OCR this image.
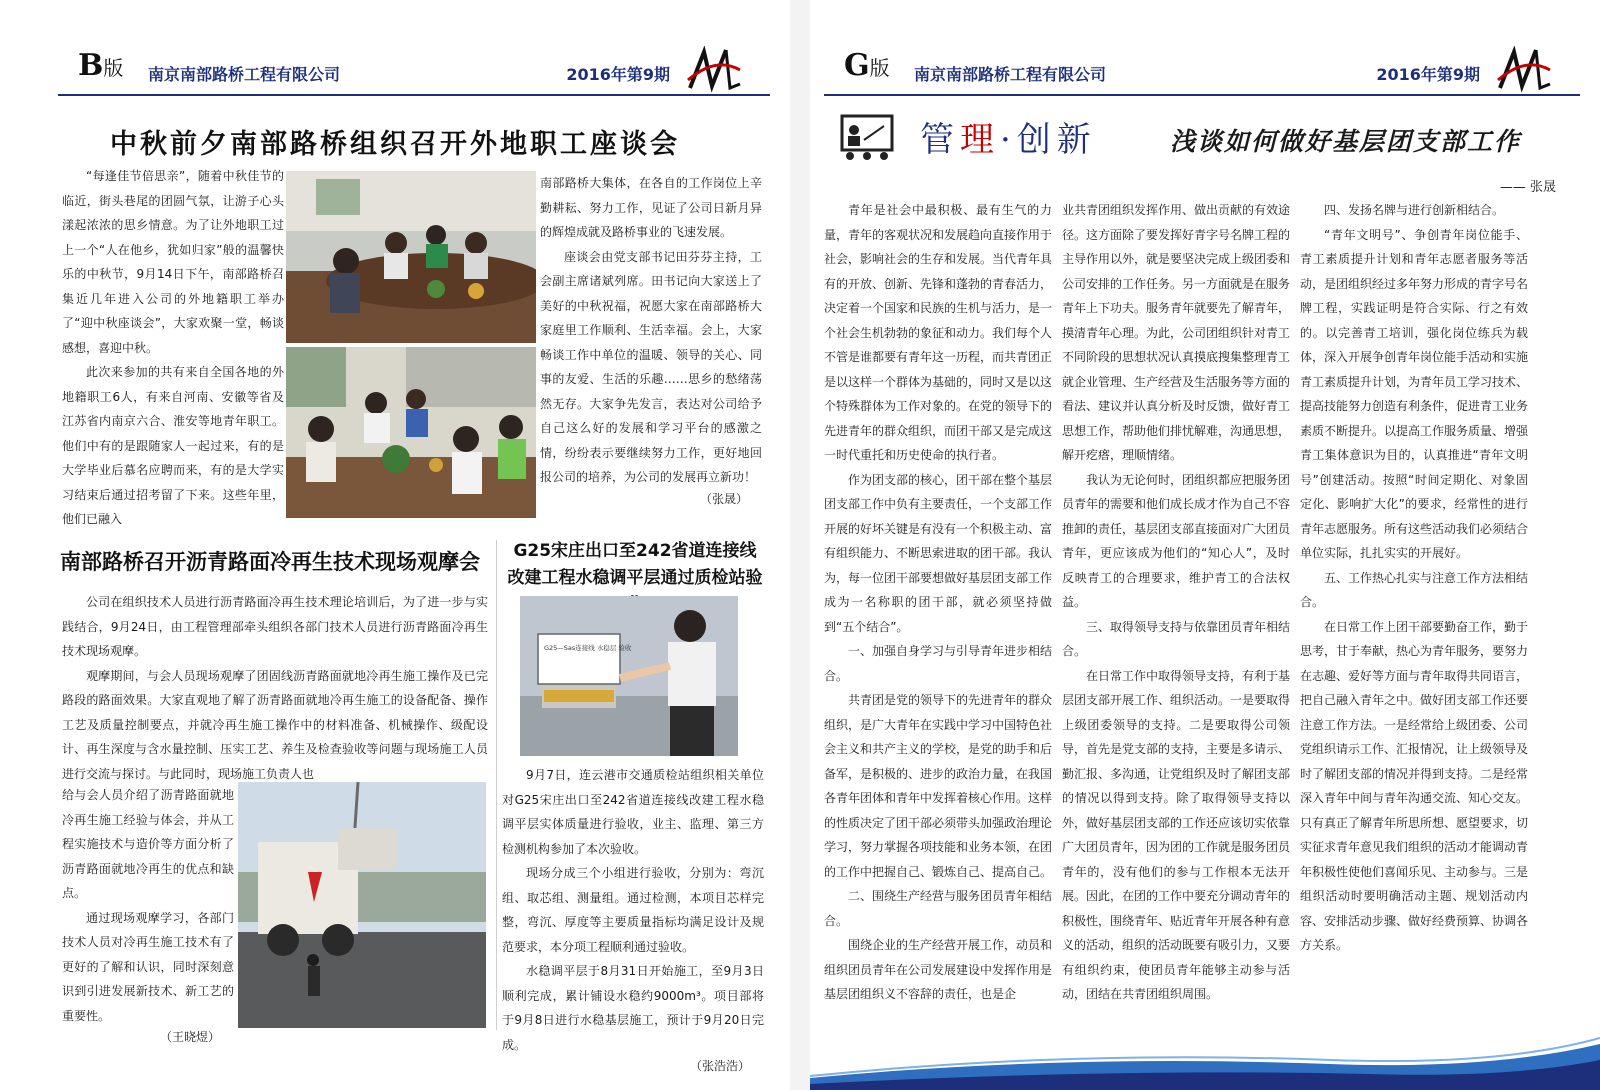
B版 南京南部路桥工程有限公司	2016年第9期
中秋前夕南部路桥组织召开外地职工座谈会

“每逢佳节倍思亲”，随着中秋佳节的临近，街头巷尾的团圆气氛，让游子心头漾起浓浓的思乡情意。为了让外地职工过上一个“人在他乡，犹如归家”般的温馨快乐的中秋节，9月14日下午，南部路桥召集近几年进入公司的外地籍职工举办了“迎中秋座谈会”，大家欢聚一堂，畅谈感想，喜迎中秋。

此次来参加的共有来自全国各地的外地籍职工6人，有来自河南、安徽等省及江苏省内南京六合、淮安等地青年职工。他们中有的是跟随家人一起过来，有的是大学毕业后慕名应聘而来，有的是大学实习结束后通过招考留了下来。这些年里，他们已融入

南部路桥大集体，在各自的工作岗位上辛勤耕耘、努力工作，见证了公司日新月异的辉煌成就及路桥事业的飞速发展。

座谈会由党支部书记田芬芬主持，工会副主席诸斌列席。田书记向大家送上了美好的中秋祝福，祝愿大家在南部路桥大家庭里工作顺利、生活幸福。会上，大家畅谈工作中单位的温暖、领导的关心、同事的友爱、生活的乐趣……思乡的愁绪荡然无存。大家争先发言，表达对公司给予自己这么好的发展和学习平台的感激之情，纷纷表示要继续努力工作，更好地回报公司的培养，为公司的发展再立新功！

（张晟）
南部路桥召开沥青路面冷再生技术现场观摩会

公司在组织技术人员进行沥青路面冷再生技术理论培训后，为了进一步与实践结合，9月24日，由工程管理部牵头组织各部门技术人员进行沥青路面冷再生技术现场观摩。

观摩期间，与会人员现场观摩了团固线沥青路面就地冷再生施工操作及已完路段的路面效果。大家直观地了解了沥青路面就地冷再生施工的设备配备、操作工艺及质量控制要点，并就冷再生施工操作中的材料准备、机械操作、级配设计、再生深度与含水量控制、压实工艺、养生及检查验收等问题与现场施工人员进行交流与探讨。与此同时，现场施工负责人也

给与会人员介绍了沥青路面就地冷再生施工经验与体会，并从工程实施技术与造价等方面分析了沥青路面就地冷再生的优点和缺点。

通过现场观摩学习，各部门技术人员对冷再生施工技术有了更好的了解和认识，同时深刻意识到引进发展新技术、新工艺的重要性。

（王晓煜）
G25宋庄出口至242省道连接线
改建工程水稳调平层通过质检站验
G25—Sas连接线 水稳层 验收

9月7日，连云港市交通质检站组织相关单位对G25宋庄出口至242省道连接线改建工程水稳调平层实体质量进行验收，业主、监理、第三方检测机构参加了本次验收。

现场分成三个小组进行验收，分别为：弯沉组、取芯组、测量组。通过检测，本项目芯样完整，弯沉、厚度等主要质量指标均满足设计及规范要求，本分项工程顺利通过验收。

水稳调平层于8月31日开始施工，至9月3日顺利完成，累计铺设水稳约9000m³。项目部将于9月8日进行水稳基层施工，预计于9月20日完成。

（张浩浩）
G版 南京南部路桥工程有限公司	2016年第9期
管理·创新	浅谈如何做好基层团支部工作
—— 张晟

青年是社会中最积极、最有生气的力量，青年的客观状况和发展趋向直接作用于社会，影响社会的生存和发展。当代青年具有的开放、创新、先锋和蓬勃的青春活力，决定着一个国家和民族的生机与活力，是一个社会生机勃勃的象征和动力。我们每个人不管是谁都要有青年这一历程，而共青团正是以这样一个群体为基础的，同时又是以这个特殊群体为工作对象的。在党的领导下的先进青年的群众组织，而团干部又是完成这一时代重托和历史使命的执行者。

作为团支部的核心，团干部在整个基层团支部工作中负有主要责任，一个支部工作开展的好坏关键是有没有一个积极主动、富有组织能力、不断思索进取的团干部。我认为，每一位团干部要想做好基层团支部工作成为一名称职的团干部，就必须坚持做到“五个结合”。

一、加强自身学习与引导青年进步相结合。

共青团是党的领导下的先进青年的群众组织，是广大青年在实践中学习中国特色社会主义和共产主义的学校，是党的助手和后备军，是积极的、进步的政治力量，在我国各青年团体和青年中发挥着核心作用。这样的性质决定了团干部必须带头加强政治理论学习，努力掌握各项技能和业务本领，在团的工作中把握自己、锻炼自己、提高自己。

二、围绕生产经营与服务团员青年相结合。

围绕企业的生产经营开展工作，动员和组织团员青年在公司发展建设中发挥作用是基层团组织义不容辞的责任，也是企

业共青团组织发挥作用、做出贡献的有效途径。这方面除了要发挥好青字号名牌工程的主导作用以外，就是要坚决完成上级团委和公司安排的工作任务。另一方面就是在服务青年上下功夫。服务青年就要先了解青年，摸清青年心理。为此，公司团组织针对青工不同阶段的思想状况认真摸底搜集整理青工就企业管理、生产经营及生活服务等方面的看法、建议并认真分析及时反馈，做好青工思想工作，帮助他们排忧解难，沟通思想，解开疙瘩，理顺情绪。

我认为无论何时，团组织都应把服务团员青年的需要和他们成长成才作为自己不容推卸的责任，基层团支部直接面对广大团员青年，更应该成为他们的“知心人”，及时反映青工的合理要求，维护青工的合法权益。

三、取得领导支持与依靠团员青年相结合。

在日常工作中取得领导支持，有利于基层团支部开展工作、组织活动。一是要取得上级团委领导的支持。二是要取得公司领导，首先是党支部的支持，主要是多请示、勤汇报、多沟通，让党组织及时了解团支部的情况以得到支持。除了取得领导支持以外，做好基层团支部的工作还应该切实依靠广大团员青年，因为团的工作就是服务团员青年的，没有他们的参与工作根本无法开展。因此，在团的工作中要充分调动青年的积极性，围绕青年、贴近青年开展各种有意义的活动，组织的活动既要有吸引力，又要有组织约束，使团员青年能够主动参与活动，团结在共青团组织周围。

四、发扬名牌与进行创新相结合。

“青年文明号”、争创青年岗位能手、青工素质提升计划和青年志愿者服务等活动，是团组织经过多年努力形成的青字号名牌工程，实践证明是符合实际、行之有效的。以完善青工培训，强化岗位练兵为载体，深入开展争创青年岗位能手活动和实施青工素质提升计划，为青年员工学习技术、提高技能努力创造有利条件，促进青工业务素质不断提升。以提高工作服务质量、增强青工集体意识为目的，认真推进“青年文明号”创建活动。按照“时间定期化、对象固定化、影响扩大化”的要求，经常性的进行青年志愿服务。所有这些活动我们必须结合单位实际，扎扎实实的开展好。

五、工作热心扎实与注意工作方法相结合。

在日常工作上团干部要勤奋工作，勤于思考，甘于奉献，热心为青年服务，要努力在志趣、爱好等方面与青年取得共同语言，把自己融入青年之中。做好团支部工作还要注意工作方法。一是经常给上级团委、公司党组织请示工作、汇报情况，让上级领导及时了解团支部的情况并得到支持。二是经常深入青年中间与青年沟通交流、知心交友。只有真正了解青年所思所想、愿望要求，切实征求青年意见我们组织的活动才能调动青年积极性使他们喜闻乐见、主动参与。三是组织活动时要明确活动主题、规划活动内容、安排活动步骤、做好经费预算、协调各方关系。
